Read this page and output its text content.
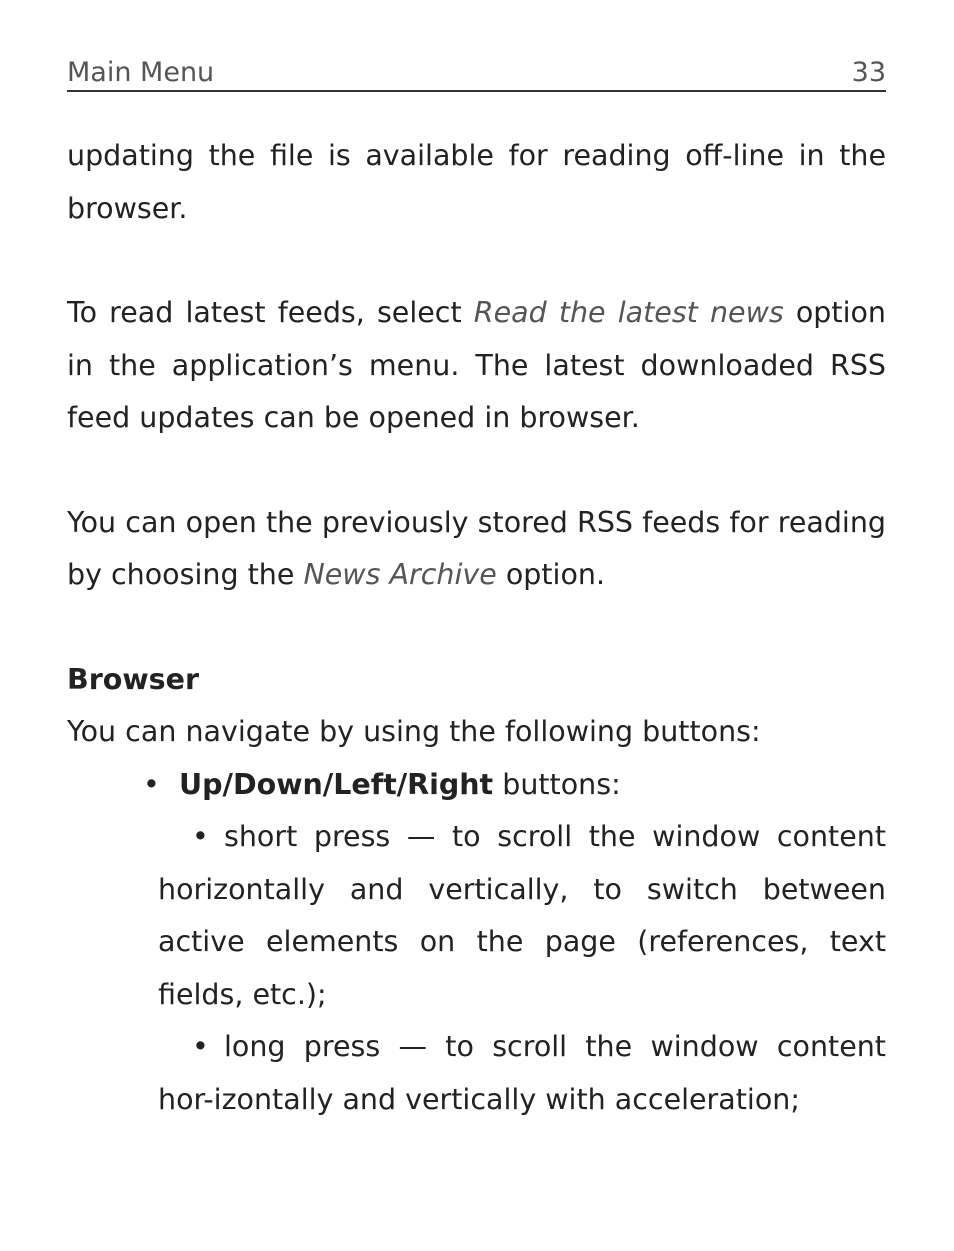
Main Menu	33

updating the file is available for reading off-line in the browser.

To read latest feeds, select Read the latest news option in the application’s menu. The latest downloaded RSS feed updates can be opened in browser.

You can open the previously stored RSS feeds for reading by choosing the News Archive option.

Browser

You can navigate by using the following buttons:

• Up/Down/Left/Right buttons:

• short press — to scroll the window content horizontally and vertically, to switch between active elements on the page (references, text fields, etc.);

• long press — to scroll the window content hor-izontally and vertically with acceleration;
